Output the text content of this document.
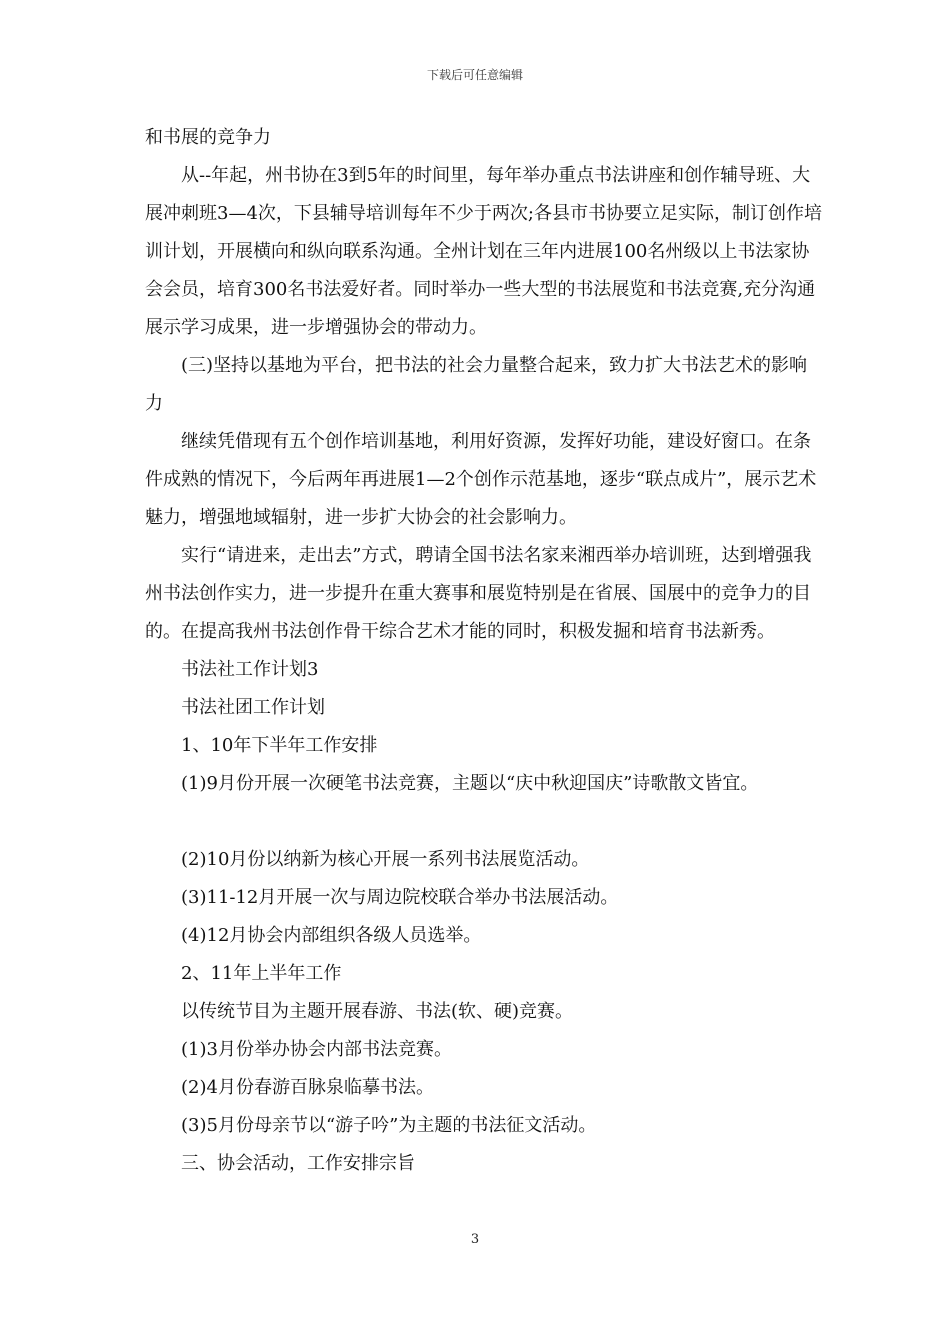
下载后可任意编辑

和书展的竞争力

从--年起，州书协在3到5年的时间里，每年举办重点书法讲座和创作辅导班、大展冲刺班3—4次，下县辅导培训每年不少于两次;各县市书协要立足实际，制订创作培训计划，开展横向和纵向联系沟通。全州计划在三年内进展100名州级以上书法家协会会员，培育300名书法爱好者。同时举办一些大型的书法展览和书法竞赛,充分沟通展示学习成果，进一步增强协会的带动力。

(三)坚持以基地为平台，把书法的社会力量整合起来，致力扩大书法艺术的影响力

继续凭借现有五个创作培训基地，利用好资源，发挥好功能，建设好窗口。在条件成熟的情况下，今后两年再进展1—2个创作示范基地，逐步“联点成片”，展示艺术魅力，增强地域辐射，进一步扩大协会的社会影响力。

实行“请进来，走出去”方式，聘请全国书法名家来湘西举办培训班，达到增强我州书法创作实力，进一步提升在重大赛事和展览特别是在省展、国展中的竞争力的目的。在提高我州书法创作骨干综合艺术才能的同时，积极发掘和培育书法新秀。

书法社工作计划3

书法社团工作计划

1、10年下半年工作安排

(1)9月份开展一次硬笔书法竞赛，主题以“庆中秋迎国庆”诗歌散文皆宜。

(2)10月份以纳新为核心开展一系列书法展览活动。

(3)11-12月开展一次与周边院校联合举办书法展活动。

(4)12月协会内部组织各级人员选举。

2、11年上半年工作

以传统节目为主题开展春游、书法(软、硬)竞赛。

(1)3月份举办协会内部书法竞赛。

(2)4月份春游百脉泉临摹书法。

(3)5月份母亲节以“游子吟”为主题的书法征文活动。

三、协会活动，工作安排宗旨

3
